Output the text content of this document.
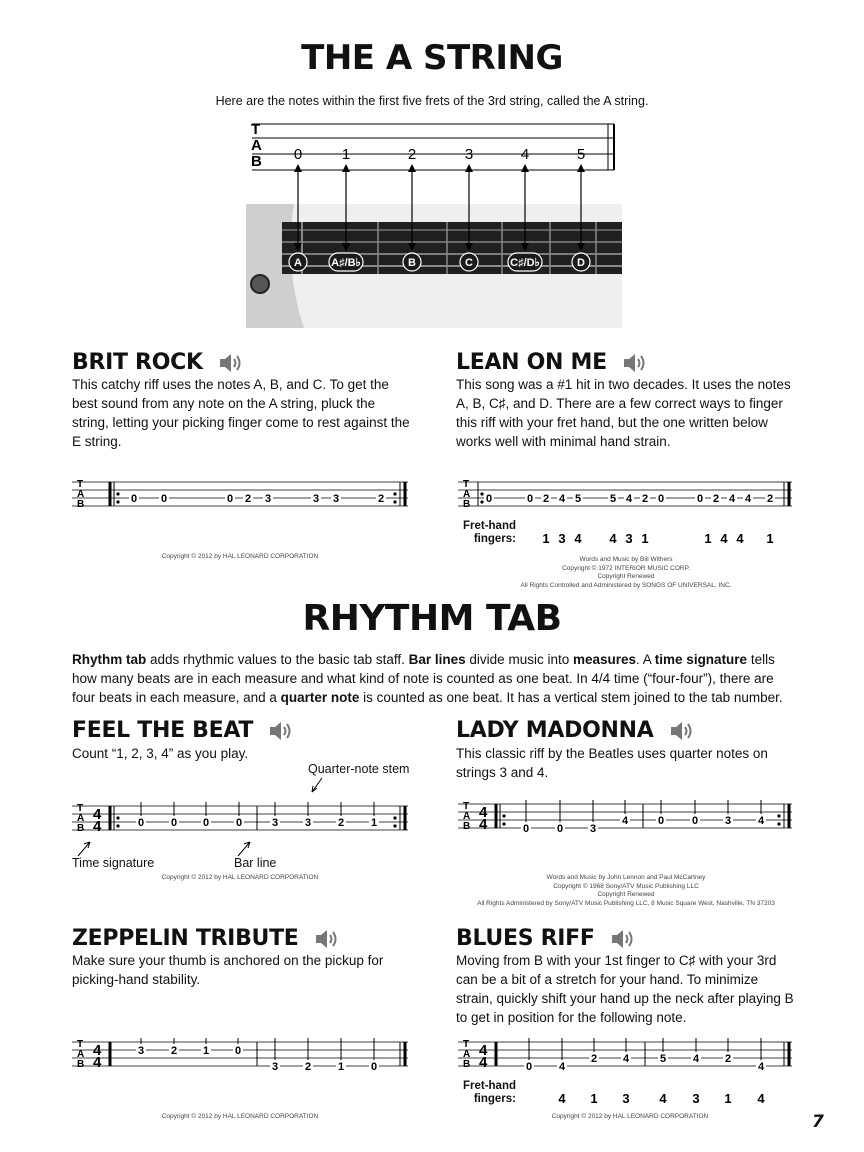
THE A STRING
Here are the notes within the first five frets of the 3rd string, called the A string.
T
A
B 0
A
1
A♯/B♭
2
B
3
C
4
C♯/D♭
5
D
BRIT ROCK
This catchy riff uses the notes A, B, and C. To get the best sound from any note on the A string, pluck the string, letting your picking finger come to rest against the E string.
T
A
B	0 0	0 2 3	3 3	2
Copyright © 2012 by HAL LEONARD CORPORATION
LEAN ON ME
This song was a #1 hit in two decades. It uses the notes A, B, C♯, and D. There are a few correct ways to finger this riff with your fret hand, but the one written below works well with minimal hand strain.
T
A
B 0	0 2 4 5	5 4 2 0	0 2 4 4 2
Fret-hand
fingers: 1 3 4 4 3 1	1 4 4 1
Words and Music by Bill Withers
Copyright © 1972 INTERIOR MUSIC CORP.
Copyright Renewed
All Rights Controlled and Administered by SONGS OF UNIVERSAL, INC.
RHYTHM TAB
Rhythm tab adds rhythmic values to the basic tab staff. Bar lines divide music into measures. A time signature tells how many beats are in each measure and what kind of note is counted as one beat. In 4/4 time (“four-four”), there are four beats in each measure, and a quarter note is counted as one beat. It has a vertical stem joined to the tab number.
FEEL THE BEAT
Count “1, 2, 3, 4” as you play.
Quarter-note stem
T
A
B
4
4	0 0 0 0	3 3 2 1
Time signature	Bar line
Copyright © 2012 by HAL LEONARD CORPORATION
LADY MADONNA
This classic riff by the Beatles uses quarter notes on strings 3 and 4.
T
A
B
4
4	0	0 3
4	0	0 3 4
Words and Music by John Lennon and Paul McCartney
Copyright © 1968 Sony/ATV Music Publishing LLC
Copyright Renewed
All Rights Administered by Sony/ATV Music Publishing LLC, 8 Music Square West, Nashville, TN 37203
ZEPPELIN TRIBUTE
Make sure your thumb is anchored on the pickup for picking-hand stability.
T
A
B
4
4
3 2 1 0
3 2 1 0
Copyright © 2012 by HAL LEONARD CORPORATION
BLUES RIFF
Moving from B with your 1st finger to C♯ with your 3rd can be a bit of a stretch for your hand. To minimize strain, quickly shift your hand up the neck after playing B to get in position for the following note.
T
A
B
4
4	0 4
2 4	5 4 2
4
Fret-hand
fingers:	4 1 3 4 3 1 4
Copyright © 2012 by HAL LEONARD CORPORATION	7
